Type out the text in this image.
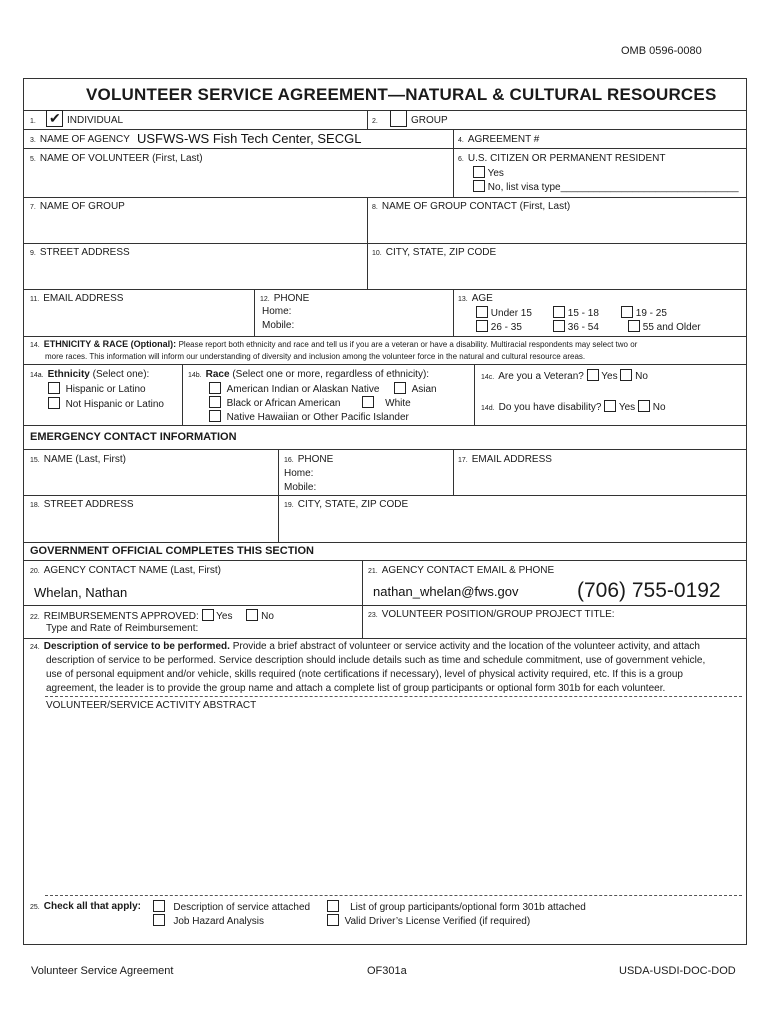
OMB 0596-0080
VOLUNTEER SERVICE AGREEMENT—NATURAL & CULTURAL RESOURCES
1. ✔ INDIVIDUAL	2.	GROUP
3. NAME OF AGENCY USFWS-WS Fish Tech Center, SECGL	4. AGREEMENT #
5. NAME OF VOLUNTEER (First, Last)	6. U.S. CITIZEN OR PERMANENT RESIDENT
Yes
No, list visa type________________________________
7. NAME OF GROUP	8. NAME OF GROUP CONTACT (First, Last)
9. STREET ADDRESS	10. CITY, STATE, ZIP CODE
11. EMAIL ADDRESS	12. PHONE
Home:
Mobile:
13. AGE
Under 15	15 - 18	19 - 25
26 - 35	36 - 54	55 and Older
14. ETHNICITY & RACE (Optional): Please report both ethnicity and race and tell us if you are a veteran or have a disability. Multiracial respondents may select two or
more races. This information will inform our understanding of diversity and inclusion among the volunteer force in the natural and cultural resource areas.
14a. Ethnicity (Select one):
Hispanic or Latino
Not Hispanic or Latino
14b. Race (Select one or more, regardless of ethnicity):
American Indian or Alaskan Native	Asian
Black or African American	White
Native Hawaiian or Other Pacific Islander
14c. Are you a Veteran? Yes No
14d. Do you have disability? Yes No
EMERGENCY CONTACT INFORMATION
15. NAME (Last, First)	16. PHONE
Home:
Mobile:
17. EMAIL ADDRESS
18. STREET ADDRESS	19. CITY, STATE, ZIP CODE
GOVERNMENT OFFICIAL COMPLETES THIS SECTION
20. AGENCY CONTACT NAME (Last, First)
Whelan, Nathan
21. AGENCY CONTACT EMAIL & PHONE
nathan_whelan@fws.gov	(706) 755-0192
22. REIMBURSEMENTS APPROVED: Yes	No
Type and Rate of Reimbursement:
23. VOLUNTEER POSITION/GROUP PROJECT TITLE:
24. Description of service to be performed. Provide a brief abstract of volunteer or service activity and the location of the volunteer activity, and attach
description of service to be performed. Service description should include details such as time and schedule commitment, use of government vehicle,
use of personal equipment and/or vehicle, skills required (note certifications if necessary), level of physical activity required, etc. If this is a group
agreement, the leader is to provide the group name and attach a complete list of group participants or optional form 301b for each volunteer.
VOLUNTEER/SERVICE ACTIVITY ABSTRACT
25. Check all that apply:	Description of service attached
Job Hazard Analysis
List of group participants/optional form 301b attached
Valid Driver’s License Verified (if required)
Volunteer Service Agreement	OF301a	USDA-USDI-DOC-DOD
